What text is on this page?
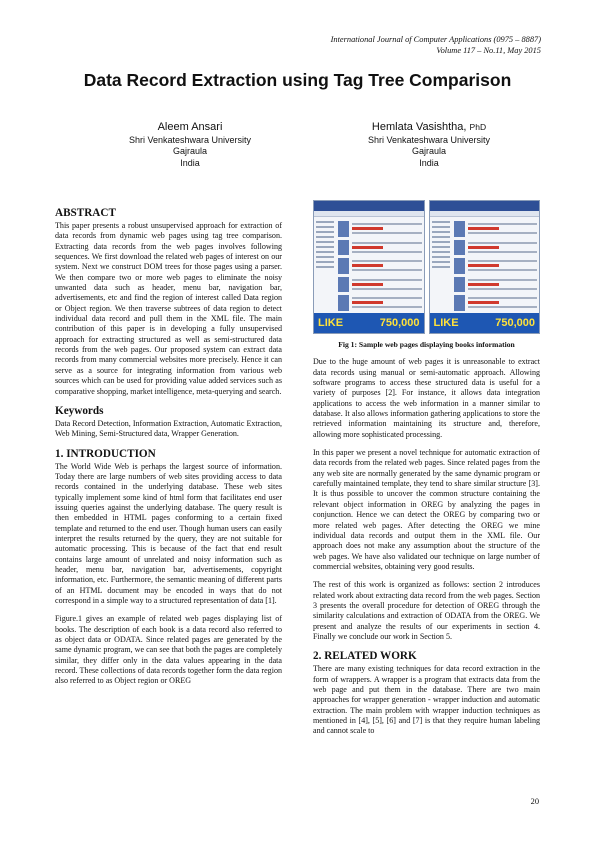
International Journal of Computer Applications (0975 – 8887)
Volume 117 – No.11, May 2015
Data Record Extraction using Tag Tree Comparison
Aleem Ansari
Shri Venkateshwara University
Gajraula
India
Hemlata Vasishtha, PhD
Shri Venkateshwara University
Gajraula
India
ABSTRACT
This paper presents a robust unsupervised approach for extraction of data records from dynamic web pages using tag tree comparison. Extracting data records from the web pages involves following sequences. We first download the related web pages of interest on our system. Next we construct DOM trees for those pages using a parser. We then compare two or more web pages to eliminate the noisy unwanted data such as header, menu bar, navigation bar, advertisements, etc and find the region of interest called Data region or Object region. We then traverse subtrees of data region to detect individual data record and pull them in the XML file. The main contribution of this paper is in developing a fully unsupervised approach for extracting structured as well as semi-structured data records from the web pages. Our proposed system can extract data records from many commercial websites more precisely. Hence it can serve as a source for integrating information from various web sources which can be used for providing value added services such as comparative shopping, market intelligence, meta-querying and search.
Keywords
Data Record Detection, Information Extraction, Automatic Extraction, Web Mining, Semi-Structured data, Wrapper Generation.
1. INTRODUCTION
The World Wide Web is perhaps the largest source of information. Today there are large numbers of web sites providing access to data records contained in the underlying database. These web sites typically implement some kind of html form that facilitates end user issuing queries against the underlying database. The query result is then embedded in HTML pages conforming to a certain fixed template and returned to the end user. Though human users can easily interpret the results returned by the query, they are not suitable for automatic processing. This is because of the fact that end result contains large amount of unrelated and noisy information such as header, menu bar, navigation bar, advertisements, copyright information, etc. Furthermore, the semantic meaning of different parts of an HTML document may be encoded in ways that do not correspond in a simple way to a structured representation of data [1].
Figure.1 gives an example of related web pages displaying list of books. The description of each book is a data record also referred to as object data or ODATA. Since related pages are generated by the same dynamic program, we can see that both the pages are completely similar, they differ only in the data values appearing in the data record. These collections of data records together form the data region also referred to as Object region or OREG
LIKE	750,000 LIKE	750,000
Fig 1: Sample web pages displaying books information
Due to the huge amount of web pages it is unreasonable to extract data records using manual or semi-automatic approach. Allowing software programs to access these structured data is useful for a variety of purposes [2]. For instance, it allows data integration applications to access the web information in a manner similar to database. It also allows information gathering applications to store the retrieved information maintaining its structure and, therefore, allowing more sophisticated processing.
In this paper we present a novel technique for automatic extraction of data records from the related web pages. Since related pages from the any web site are normally generated by the same dynamic program or carefully maintained template, they tend to share similar structure [3]. It is thus possible to uncover the common structure containing the relevant object information in OREG by analyzing the pages in conjunction. Hence we can detect the OREG by comparing two or more related web pages. After detecting the OREG we mine individual data records and output them in the XML file. Our approach does not make any assumption about the structure of the web pages. We have also validated our technique on large number of commercial websites, obtaining very good results.
The rest of this work is organized as follows: section 2 introduces related work about extracting data record from the web pages. Section 3 presents the overall procedure for detection of OREG through the similarity calculations and extraction of ODATA from the OREG. We present and analyze the results of our experiments in section 4. Finally we conclude our work in Section 5.
2. RELATED WORK
There are many existing techniques for data record extraction in the form of wrappers. A wrapper is a program that extracts data from the web page and put them in the database. There are two main approaches for wrapper generation - wrapper induction and automatic extraction. The main problem with wrapper induction techniques as mentioned in [4], [5], [6] and [7] is that they require human labeling and cannot scale to
20
